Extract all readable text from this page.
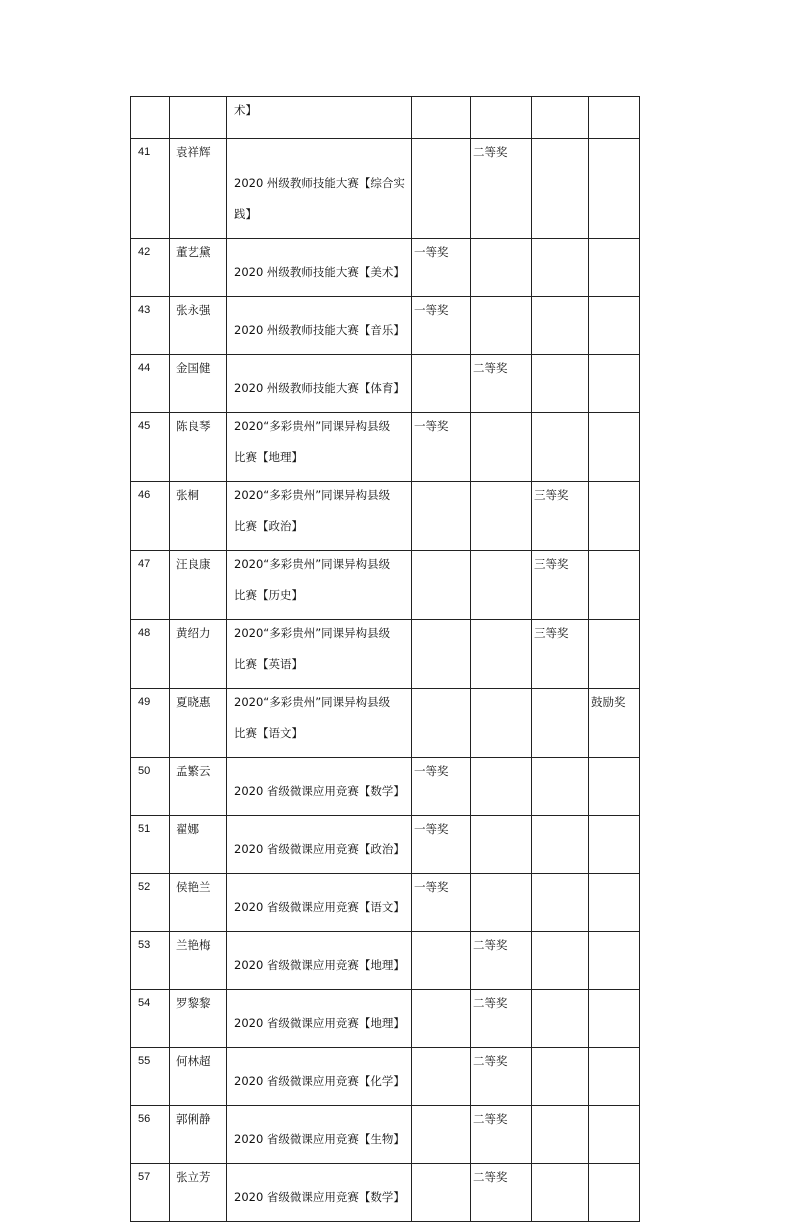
		术】				

41	袁祥辉	2020 州级教师技能大赛【综合实
践】		二等奖		

42	董艺黛	2020 州级教师技能大赛【美术】	一等奖			

43	张永强	2020 州级教师技能大赛【音乐】	一等奖			

44	金国健	2020 州级教师技能大赛【体育】		二等奖		

45	陈良琴	2020“多彩贵州”同课异构县级
比赛【地理】	一等奖			

46	张桐	2020“多彩贵州”同课异构县级
比赛【政治】			三等奖	

47	汪良康	2020“多彩贵州”同课异构县级
比赛【历史】			三等奖	

48	黄绍力	2020“多彩贵州”同课异构县级
比赛【英语】			三等奖	

49	夏晓惠	2020“多彩贵州”同课异构县级
比赛【语文】				鼓励奖

50	孟繁云	2020 省级微课应用竞赛【数学】	一等奖			

51	翟娜	2020 省级微课应用竞赛【政治】	一等奖			

52	侯艳兰	2020 省级微课应用竞赛【语文】	一等奖			

53	兰艳梅	2020 省级微课应用竞赛【地理】		二等奖		

54	罗黎黎	2020 省级微课应用竞赛【地理】		二等奖		

55	何林超	2020 省级微课应用竞赛【化学】		二等奖		

56	郭俐静	2020 省级微课应用竞赛【生物】		二等奖		

57	张立芳	2020 省级微课应用竞赛【数学】		二等奖		
